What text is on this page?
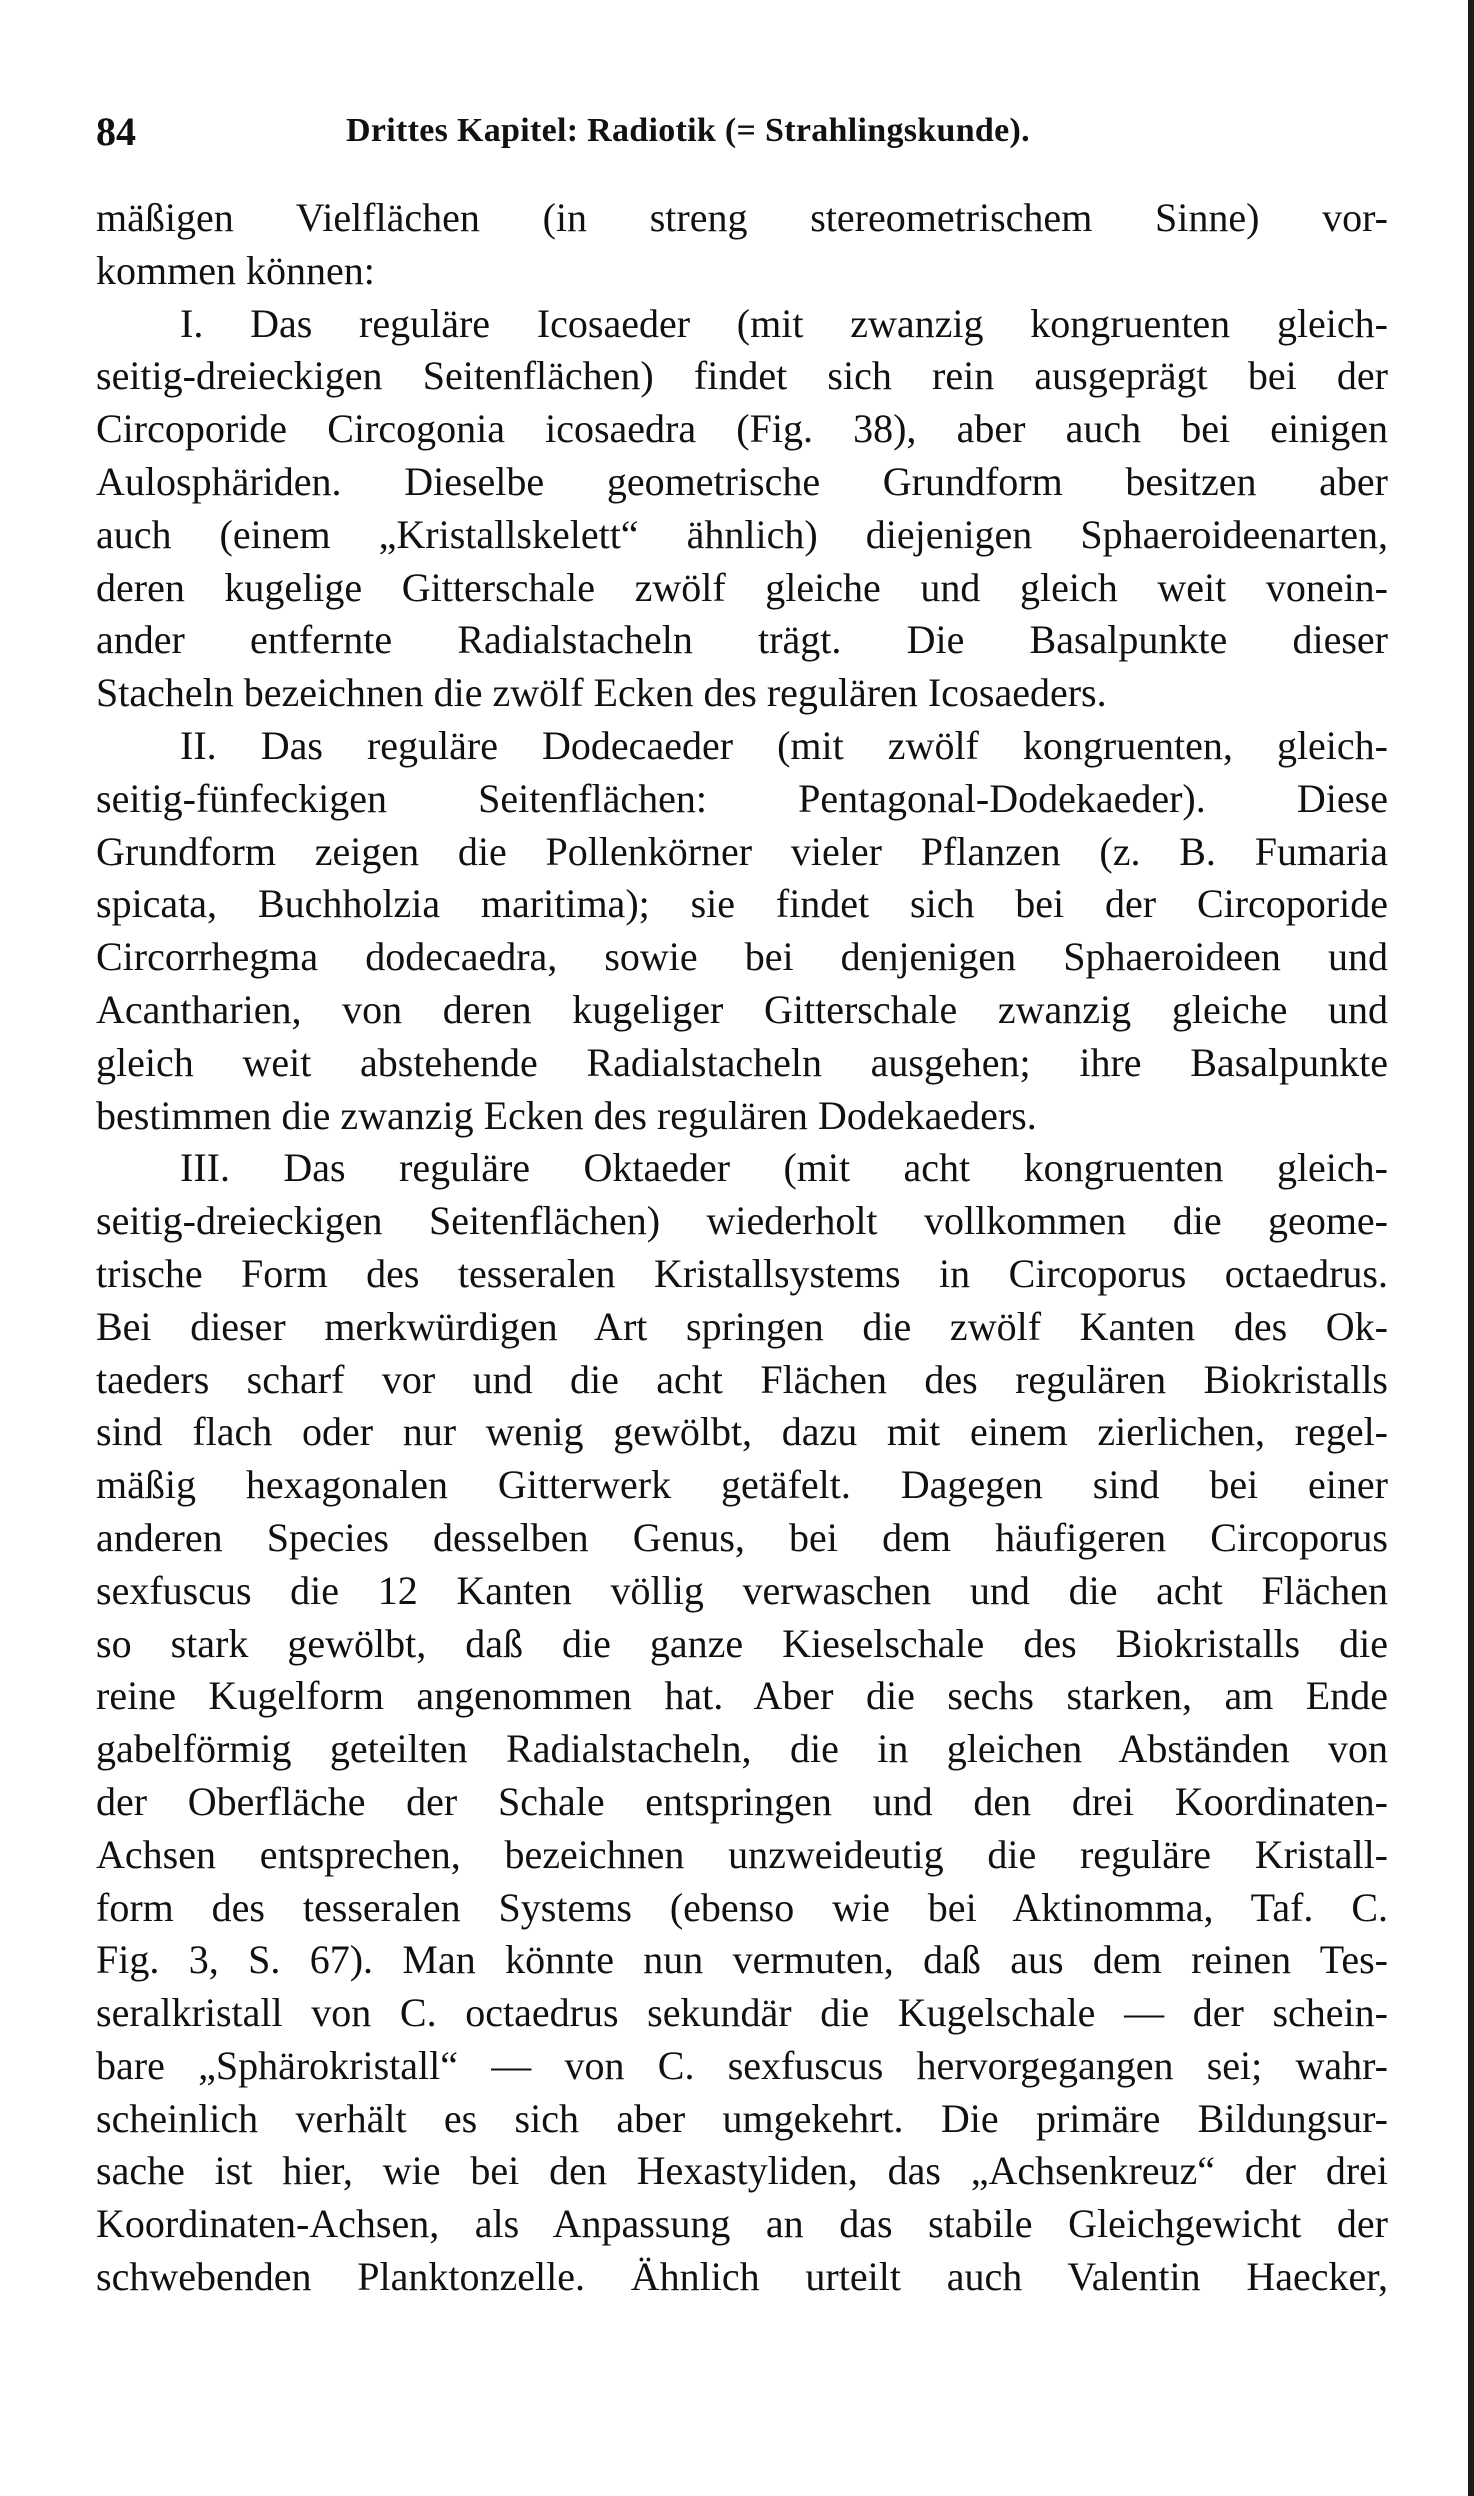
84	Drittes Kapitel: Radiotik (= Strahlingskunde).
mäßigen Vielflächen (in streng stereometrischem Sinne) vor-
kommen können:
I. Das reguläre Icosaeder (mit zwanzig kongruenten gleich-
seitig-dreieckigen Seitenflächen) findet sich rein ausgeprägt bei der
Circoporide Circogonia icosaedra (Fig. 38), aber auch bei einigen
Aulosphäriden. Dieselbe geometrische Grundform besitzen aber
auch (einem „Kristallskelett“ ähnlich) diejenigen Sphaeroideenarten,
deren kugelige Gitterschale zwölf gleiche und gleich weit vonein-
ander entfernte Radialstacheln trägt. Die Basalpunkte dieser
Stacheln bezeichnen die zwölf Ecken des regulären Icosaeders.
II. Das reguläre Dodecaeder (mit zwölf kongruenten, gleich-
seitig-fünfeckigen Seitenflächen: Pentagonal-Dodekaeder). Diese
Grundform zeigen die Pollenkörner vieler Pflanzen (z. B. Fumaria
spicata, Buchholzia maritima); sie findet sich bei der Circoporide
Circorrhegma dodecaedra, sowie bei denjenigen Sphaeroideen und
Acantharien, von deren kugeliger Gitterschale zwanzig gleiche und
gleich weit abstehende Radialstacheln ausgehen; ihre Basalpunkte
bestimmen die zwanzig Ecken des regulären Dodekaeders.
III. Das reguläre Oktaeder (mit acht kongruenten gleich-
seitig-dreieckigen Seitenflächen) wiederholt vollkommen die geome-
trische Form des tesseralen Kristallsystems in Circoporus octaedrus.
Bei dieser merkwürdigen Art springen die zwölf Kanten des Ok-
taeders scharf vor und die acht Flächen des regulären Biokristalls
sind flach oder nur wenig gewölbt, dazu mit einem zierlichen, regel-
mäßig hexagonalen Gitterwerk getäfelt. Dagegen sind bei einer
anderen Species desselben Genus, bei dem häufigeren Circoporus
sexfuscus die 12 Kanten völlig verwaschen und die acht Flächen
so stark gewölbt, daß die ganze Kieselschale des Biokristalls die
reine Kugelform angenommen hat. Aber die sechs starken, am Ende
gabelförmig geteilten Radialstacheln, die in gleichen Abständen von
der Oberfläche der Schale entspringen und den drei Koordinaten-
Achsen entsprechen, bezeichnen unzweideutig die reguläre Kristall-
form des tesseralen Systems (ebenso wie bei Aktinomma, Taf. C.
Fig. 3, S. 67). Man könnte nun vermuten, daß aus dem reinen Tes-
seralkristall von C. octaedrus sekundär die Kugelschale — der schein-
bare „Sphärokristall“ — von C. sexfuscus hervorgegangen sei; wahr-
scheinlich verhält es sich aber umgekehrt. Die primäre Bildungsur-
sache ist hier, wie bei den Hexastyliden, das „Achsenkreuz“ der drei
Koordinaten-Achsen, als Anpassung an das stabile Gleichgewicht der
schwebenden Planktonzelle. Ähnlich urteilt auch Valentin Haecker,
